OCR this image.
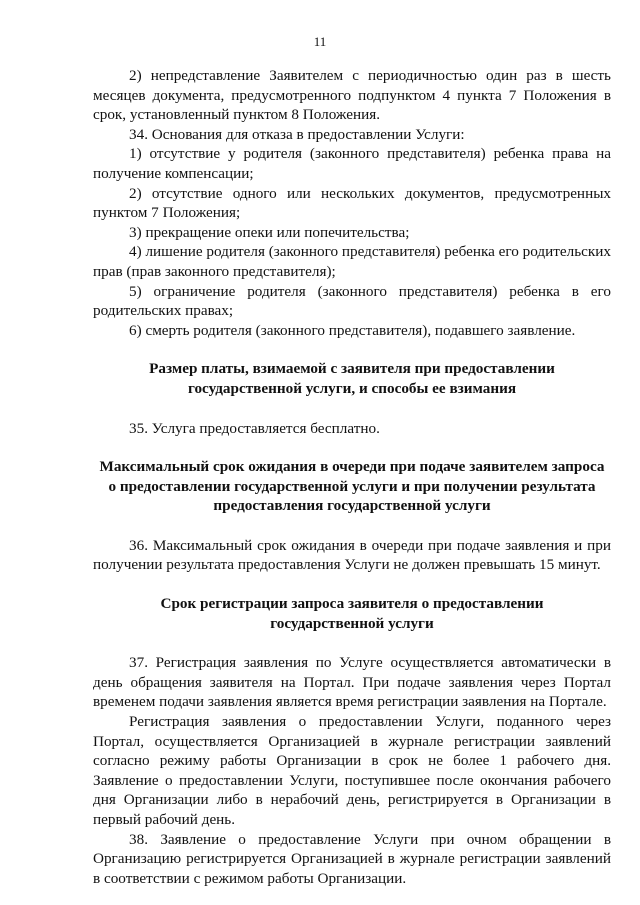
11

2) непредставление Заявителем с периодичностью один раз в шесть месяцев документа, предусмотренного подпунктом 4 пункта 7 Положения в срок, установленный пунктом 8 Положения.

34. Основания для отказа в предоставлении Услуги:

1) отсутствие у родителя (законного представителя) ребенка права на получение компенсации;

2) отсутствие одного или нескольких документов, предусмотренных пунктом 7 Положения;

3) прекращение опеки или попечительства;

4) лишение родителя (законного представителя) ребенка его родительских прав (прав законного представителя);

5) ограничение родителя (законного представителя) ребенка в его родительских правах;

6) смерть родителя (законного представителя), подавшего заявление.

Размер платы, взимаемой с заявителя при предоставлении
государственной услуги, и способы ее взимания

35. Услуга предоставляется бесплатно.

Максимальный срок ожидания в очереди при подаче заявителем запроса
о предоставлении государственной услуги и при получении результата
предоставления государственной услуги

36. Максимальный срок ожидания в очереди при подаче заявления и при получении результата предоставления Услуги не должен превышать 15 минут.

Срок регистрации запроса заявителя о предоставлении
государственной услуги

37. Регистрация заявления по Услуге осуществляется автоматически в день обращения заявителя на Портал. При подаче заявления через Портал временем подачи заявления является время регистрации заявления на Портале.

Регистрация заявления о предоставлении Услуги, поданного через Портал, осуществляется Организацией в журнале регистрации заявлений согласно режиму работы Организации в срок не более 1 рабочего дня. Заявление о предоставлении Услуги, поступившее после окончания рабочего дня Организации либо в нерабочий день, регистрируется в Организации в первый рабочий день.

38. Заявление о предоставление Услуги при очном обращении в Организацию регистрируется Организацией в журнале регистрации заявлений в соответствии с режимом работы Организации.
